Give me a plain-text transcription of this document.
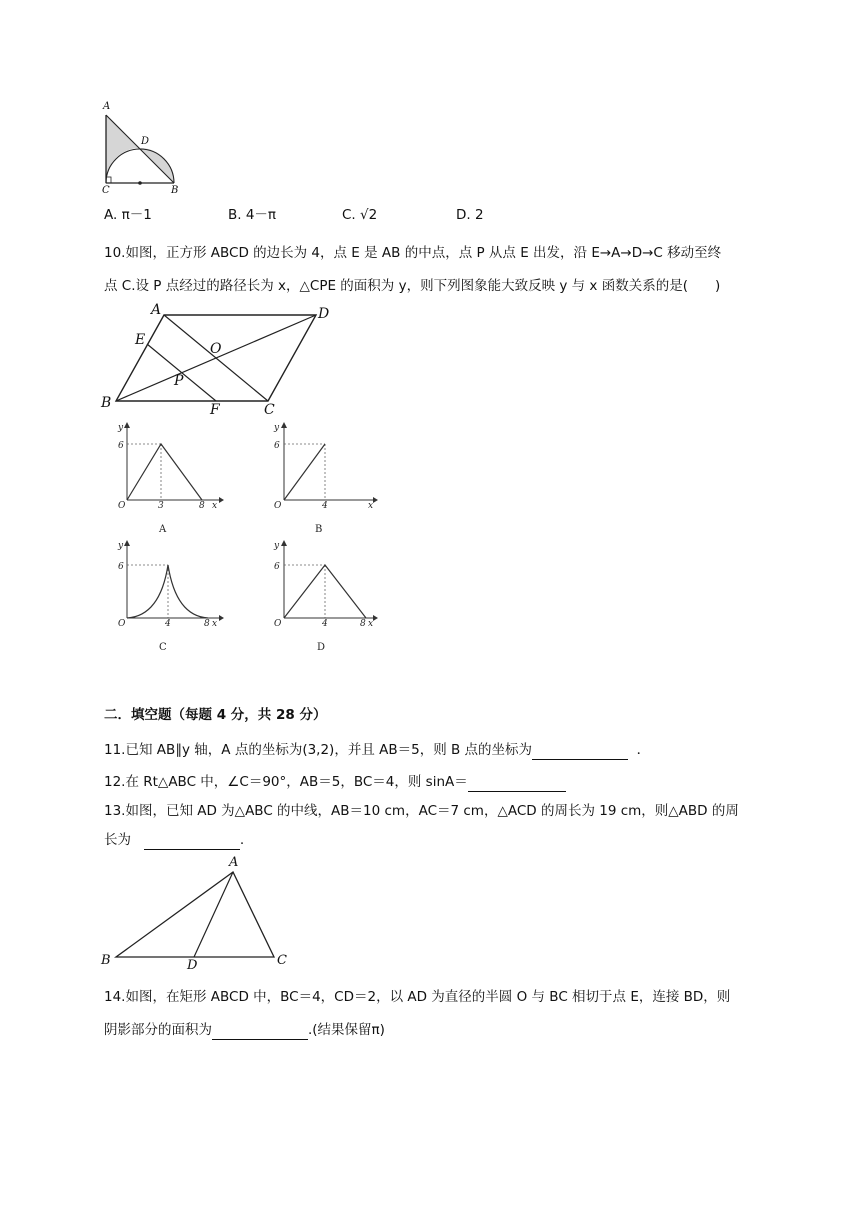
A
D
C	B
A. π－1	B. 4－π	C. √2	D. 2
10.如图，正方形 ABCD 的边长为 4，点 E 是 AB 的中点，点 P 从点 E 出发，沿 E→A→D→C 移动至终
点 C.设 P 点经过的路径长为 x，△CPE 的面积为 y，则下列图象能大致反映 y 与 x 函数关系的是(　　)
A	D
E
O
P
B	F	C
y
6
O	3	8 x
A
y
6
O	4	x
B
y
6
O	4	8 x
C
y
6
O	4	8 x
D
二．填空题（每题 4 分，共 28 分）
11.已知 AB∥y 轴，A 点的坐标为(3,2)，并且 AB＝5，则 B 点的坐标为	．
12.在 Rt△ABC 中，∠C＝90°，AB＝5，BC＝4，则 sinA＝
13.如图，已知 AD 为△ABC 的中线，AB＝10 cm，AC＝7 cm，△ACD 的周长为 19 cm，则△ABD 的周
长为	.
A
B	D	C
14.如图，在矩形 ABCD 中，BC＝4，CD＝2，以 AD 为直径的半圆 O 与 BC 相切于点 E，连接 BD，则
阴影部分的面积为	.(结果保留π)
